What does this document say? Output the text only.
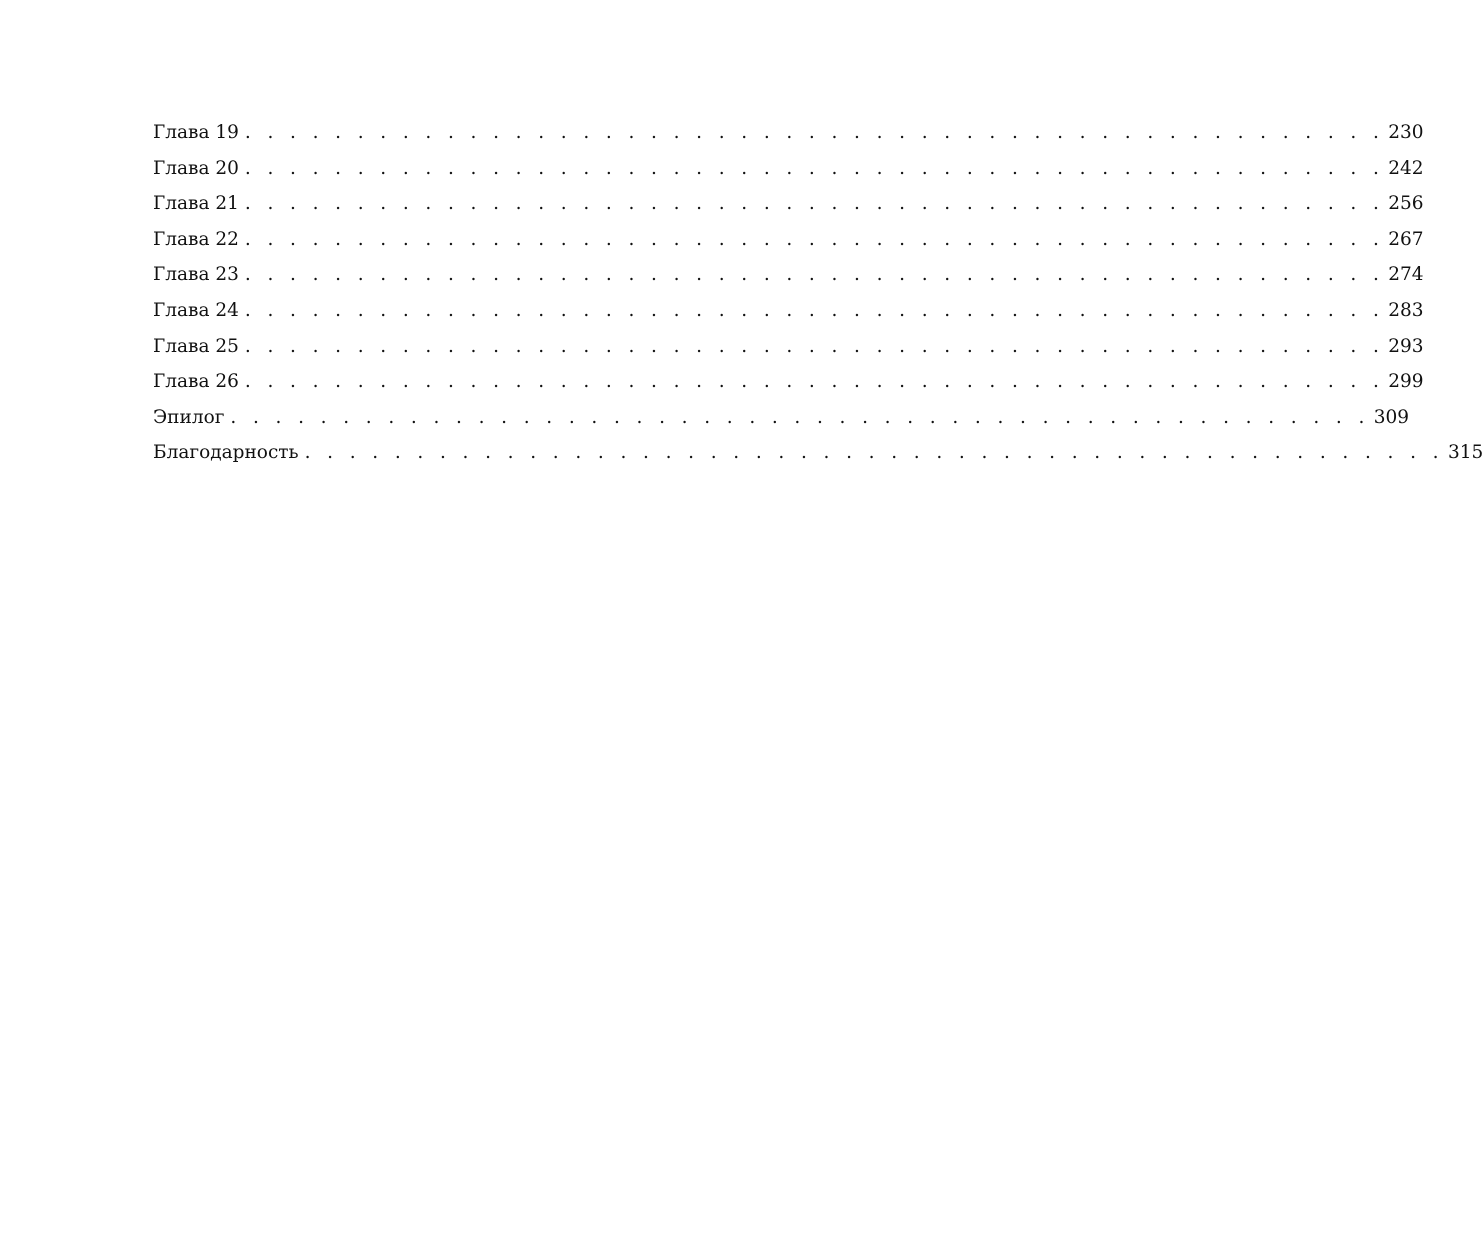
Глава 19 . . . . . . . . . . . . . . . . . . . . . . . . . . . . . . . . . . . . . . . . . . . . . . . . . . . 230
Глава 20 . . . . . . . . . . . . . . . . . . . . . . . . . . . . . . . . . . . . . . . . . . . . . . . . . . . 242
Глава 21 . . . . . . . . . . . . . . . . . . . . . . . . . . . . . . . . . . . . . . . . . . . . . . . . . . . 256
Глава 22 . . . . . . . . . . . . . . . . . . . . . . . . . . . . . . . . . . . . . . . . . . . . . . . . . . . 267
Глава 23 . . . . . . . . . . . . . . . . . . . . . . . . . . . . . . . . . . . . . . . . . . . . . . . . . . . 274
Глава 24 . . . . . . . . . . . . . . . . . . . . . . . . . . . . . . . . . . . . . . . . . . . . . . . . . . . 283
Глава 25 . . . . . . . . . . . . . . . . . . . . . . . . . . . . . . . . . . . . . . . . . . . . . . . . . . . 293
Глава 26 . . . . . . . . . . . . . . . . . . . . . . . . . . . . . . . . . . . . . . . . . . . . . . . . . . . 299
Эпилог . . . . . . . . . . . . . . . . . . . . . . . . . . . . . . . . . . . . . . . . . . . . . . . . . . . 309
Благодарность . . . . . . . . . . . . . . . . . . . . . . . . . . . . . . . . . . . . . . . . . . . . . . . . . . . 315
